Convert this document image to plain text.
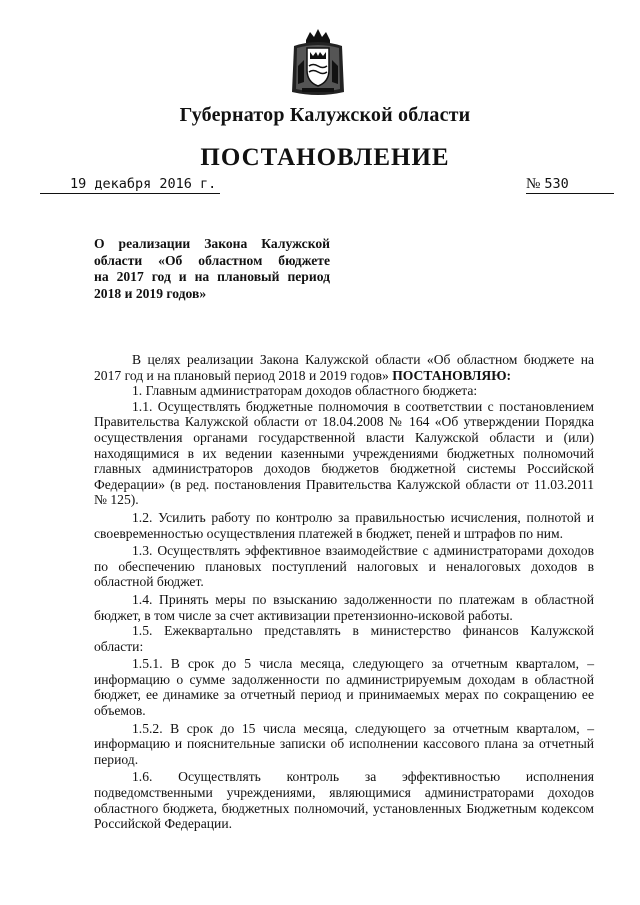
Губернатор Калужской области
ПОСТАНОВЛЕНИЕ
19 декабря 2016 г.	№ 530
О реализации Закона Калужской
области «Об областном бюджете
на 2017 год и на плановый период
2018 и 2019 годов»

В целях реализации Закона Калужской области «Об областном бюджете на 2017 год и на плановый период 2018 и 2019 годов» ПОСТАНОВЛЯЮ:

1. Главным администраторам доходов областного бюджета:

1.1. Осуществлять бюджетные полномочия в соответствии с постановлением Правительства Калужской области от 18.04.2008 № 164 «Об утверждении Порядка осуществления органами государственной власти Калужской области и (или) находящимися в их ведении казенными учреждениями бюджетных полномочий главных администраторов доходов бюджетов бюджетной системы Российской Федерации» (в ред. постановления Правительства Калужской области от 11.03.2011 № 125).

1.2. Усилить работу по контролю за правильностью исчисления, полнотой и своевременностью осуществления платежей в бюджет, пеней и штрафов по ним.

1.3. Осуществлять эффективное взаимодействие с администраторами доходов по обеспечению плановых поступлений налоговых и неналоговых доходов в областной бюджет.

1.4. Принять меры по взысканию задолженности по платежам в областной бюджет, в том числе за счет активизации претензионно-исковой работы.

1.5. Ежеквартально представлять в министерство финансов Калужской области:

1.5.1. В срок до 5 числа месяца, следующего за отчетным кварталом, – информацию о сумме задолженности по администрируемым доходам в областной бюджет, ее динамике за отчетный период и принимаемых мерах по сокращению ее объемов.

1.5.2. В срок до 15 числа месяца, следующего за отчетным кварталом, – информацию и пояснительные записки об исполнении кассового плана за отчетный период.

1.6. Осуществлять контроль за эффективностью исполнения подведомственными учреждениями, являющимися администраторами доходов областного бюджета, бюджетных полномочий, установленных Бюджетным кодексом Российской Федерации.
